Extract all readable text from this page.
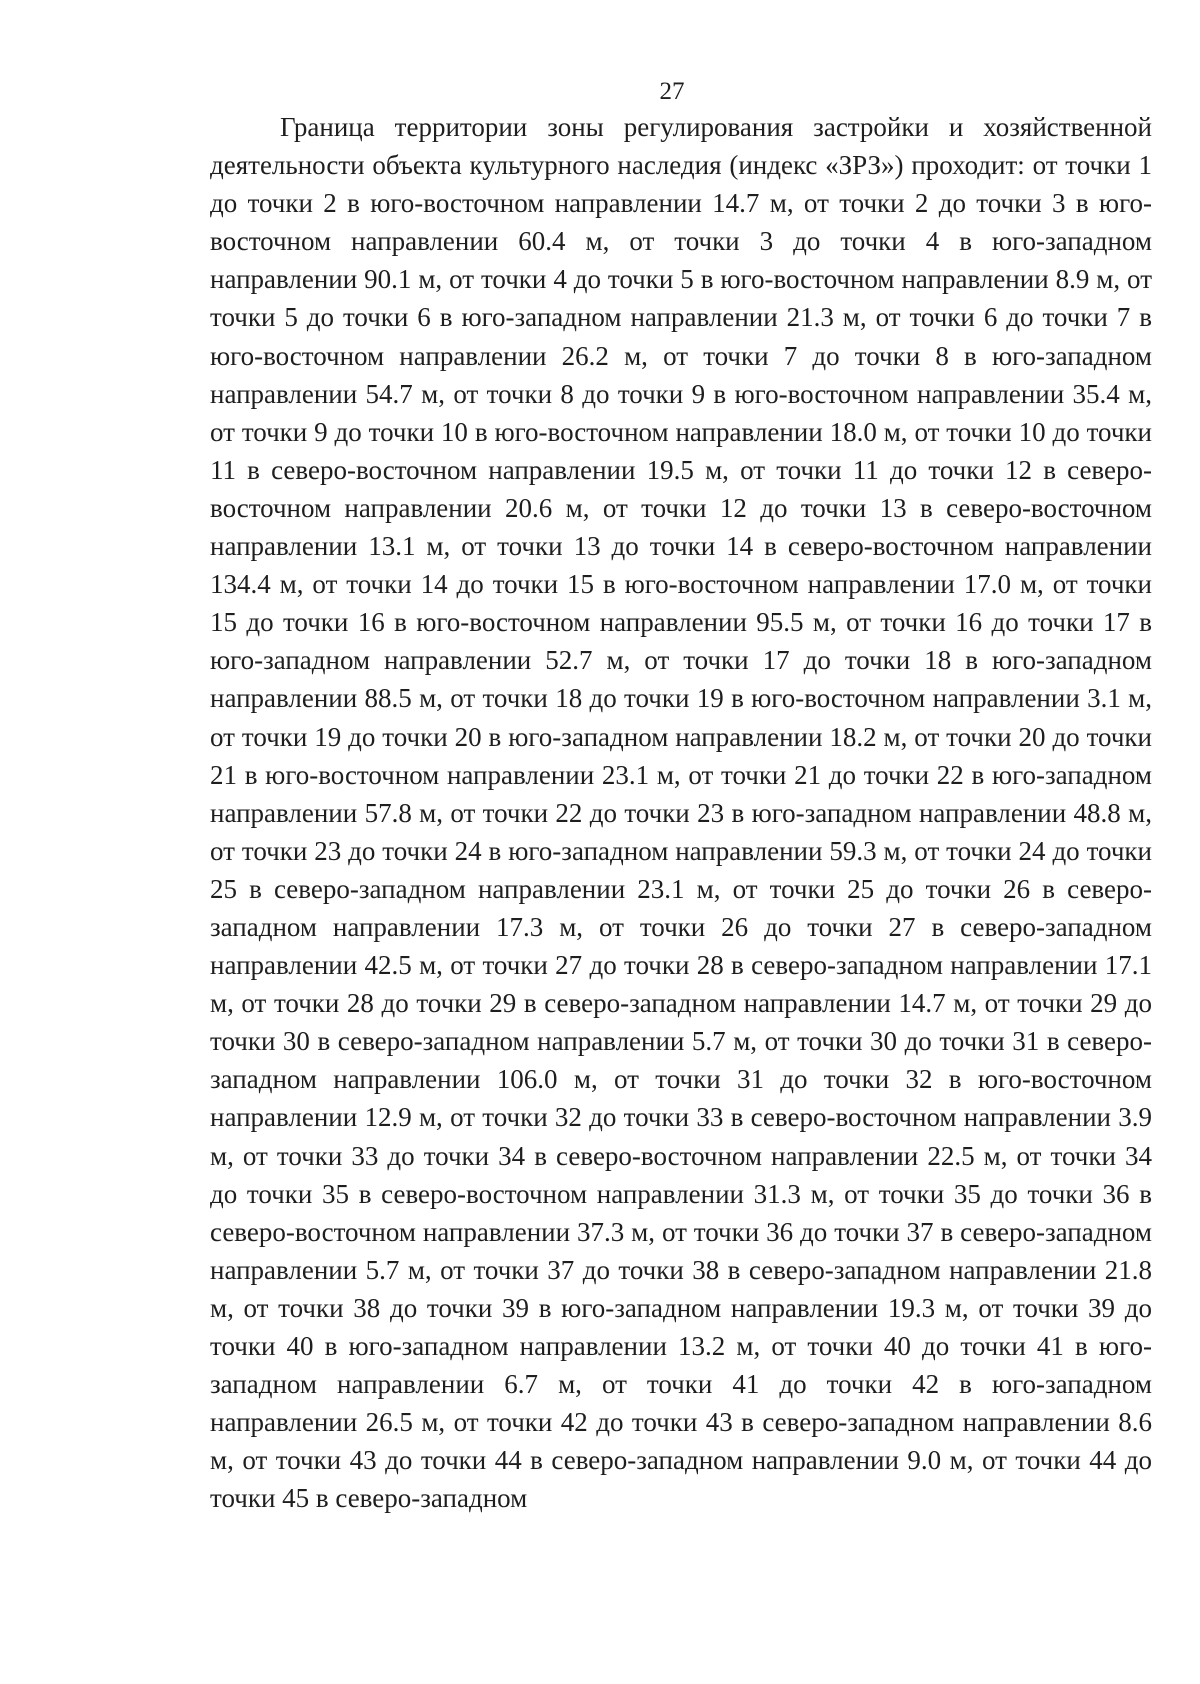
27

Граница территории зоны регулирования застройки и хозяйственной деятельности объекта культурного наследия (индекс «ЗРЗ») проходит: от точки 1 до точки 2 в юго-восточном направлении 14.7 м, от точки 2 до точки 3 в юго-восточном направлении 60.4 м, от точки 3 до точки 4 в юго-западном направлении 90.1 м, от точки 4 до точки 5 в юго-восточном направлении 8.9 м, от точки 5 до точки 6 в юго-западном направлении 21.3 м, от точки 6 до точки 7 в юго-восточном направлении 26.2 м, от точки 7 до точки 8 в юго-западном направлении 54.7 м, от точки 8 до точки 9 в юго-восточном направлении 35.4 м, от точки 9 до точки 10 в юго-восточном направлении 18.0 м, от точки 10 до точки 11 в северо-восточном направлении 19.5 м, от точки 11 до точки 12 в северо-восточном направлении 20.6 м, от точки 12 до точки 13 в северо-восточном направлении 13.1 м, от точки 13 до точки 14 в северо-восточном направлении 134.4 м, от точки 14 до точки 15 в юго-восточном направлении 17.0 м, от точки 15 до точки 16 в юго-восточном направлении 95.5 м, от точки 16 до точки 17 в юго-западном направлении 52.7 м, от точки 17 до точки 18 в юго-западном направлении 88.5 м, от точки 18 до точки 19 в юго-восточном направлении 3.1 м, от точки 19 до точки 20 в юго-западном направлении 18.2 м, от точки 20 до точки 21 в юго-восточном направлении 23.1 м, от точки 21 до точки 22 в юго-западном направлении 57.8 м, от точки 22 до точки 23 в юго-западном направлении 48.8 м, от точки 23 до точки 24 в юго-западном направлении 59.3 м, от точки 24 до точки 25 в северо-западном направлении 23.1 м, от точки 25 до точки 26 в северо-западном направлении 17.3 м, от точки 26 до точки 27 в северо-западном направлении 42.5 м, от точки 27 до точки 28 в северо-западном направлении 17.1 м, от точки 28 до точки 29 в северо-западном направлении 14.7 м, от точки 29 до точки 30 в северо-западном направлении 5.7 м, от точки 30 до точки 31 в северо-западном направлении 106.0 м, от точки 31 до точки 32 в юго-восточном направлении 12.9 м, от точки 32 до точки 33 в северо-восточном направлении 3.9 м, от точки 33 до точки 34 в северо-восточном направлении 22.5 м, от точки 34 до точки 35 в северо-восточном направлении 31.3 м, от точки 35 до точки 36 в северо-восточном направлении 37.3 м, от точки 36 до точки 37 в северо-западном направлении 5.7 м, от точки 37 до точки 38 в северо-западном направлении 21.8 м, от точки 38 до точки 39 в юго-западном направлении 19.3 м, от точки 39 до точки 40 в юго-западном направлении 13.2 м, от точки 40 до точки 41 в юго-западном направлении 6.7 м, от точки 41 до точки 42 в юго-западном направлении 26.5 м, от точки 42 до точки 43 в северо-западном направлении 8.6 м, от точки 43 до точки 44 в северо-западном направлении 9.0 м, от точки 44 до точки 45 в северо-западном
